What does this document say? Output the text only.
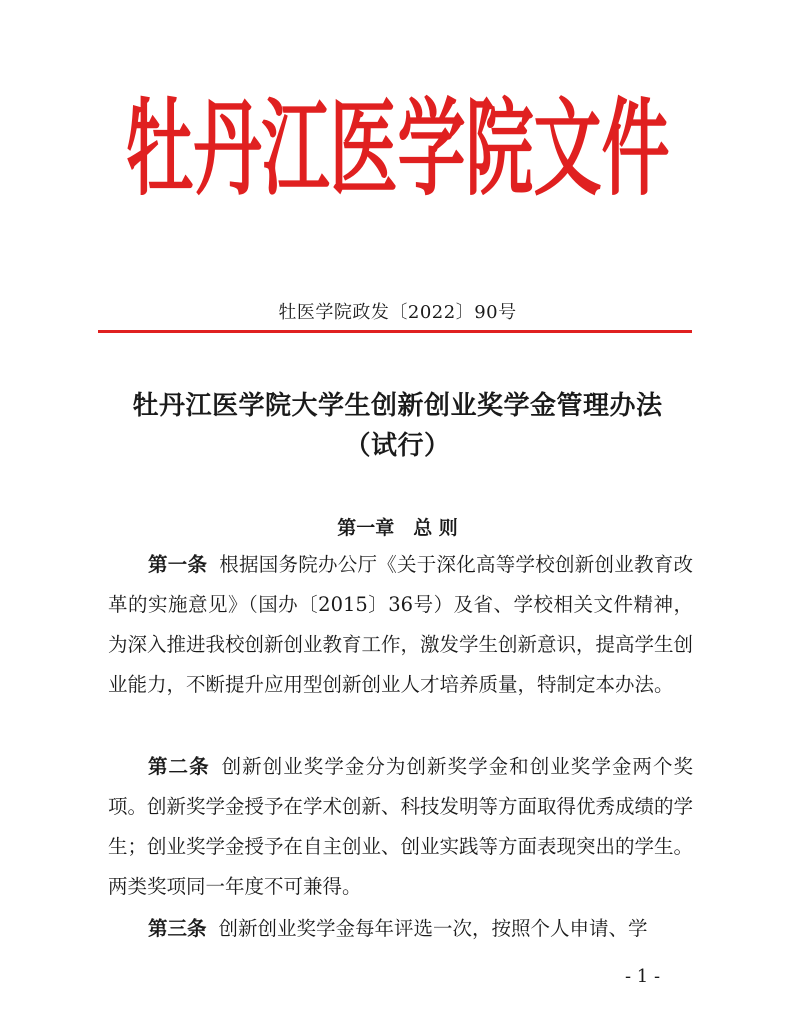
牡丹江医学院文件
牡医学院政发〔2022〕90号
牡丹江医学院大学生创新创业奖学金管理办法
（试行）
第一章　总 则

第一条 根据国务院办公厅《关于深化高等学校创新创业教育改革的实施意见》（国办〔2015〕36号）及省、学校相关文件精神，为深入推进我校创新创业教育工作，激发学生创新意识，提高学生创业能力，不断提升应用型创新创业人才培养质量，特制定本办法。

第二条 创新创业奖学金分为创新奖学金和创业奖学金两个奖项。创新奖学金授予在学术创新、科技发明等方面取得优秀成绩的学生；创业奖学金授予在自主创业、创业实践等方面表现突出的学生。两类奖项同一年度不可兼得。

第三条 创新创业奖学金每年评选一次，按照个人申请、学

- 1 -
